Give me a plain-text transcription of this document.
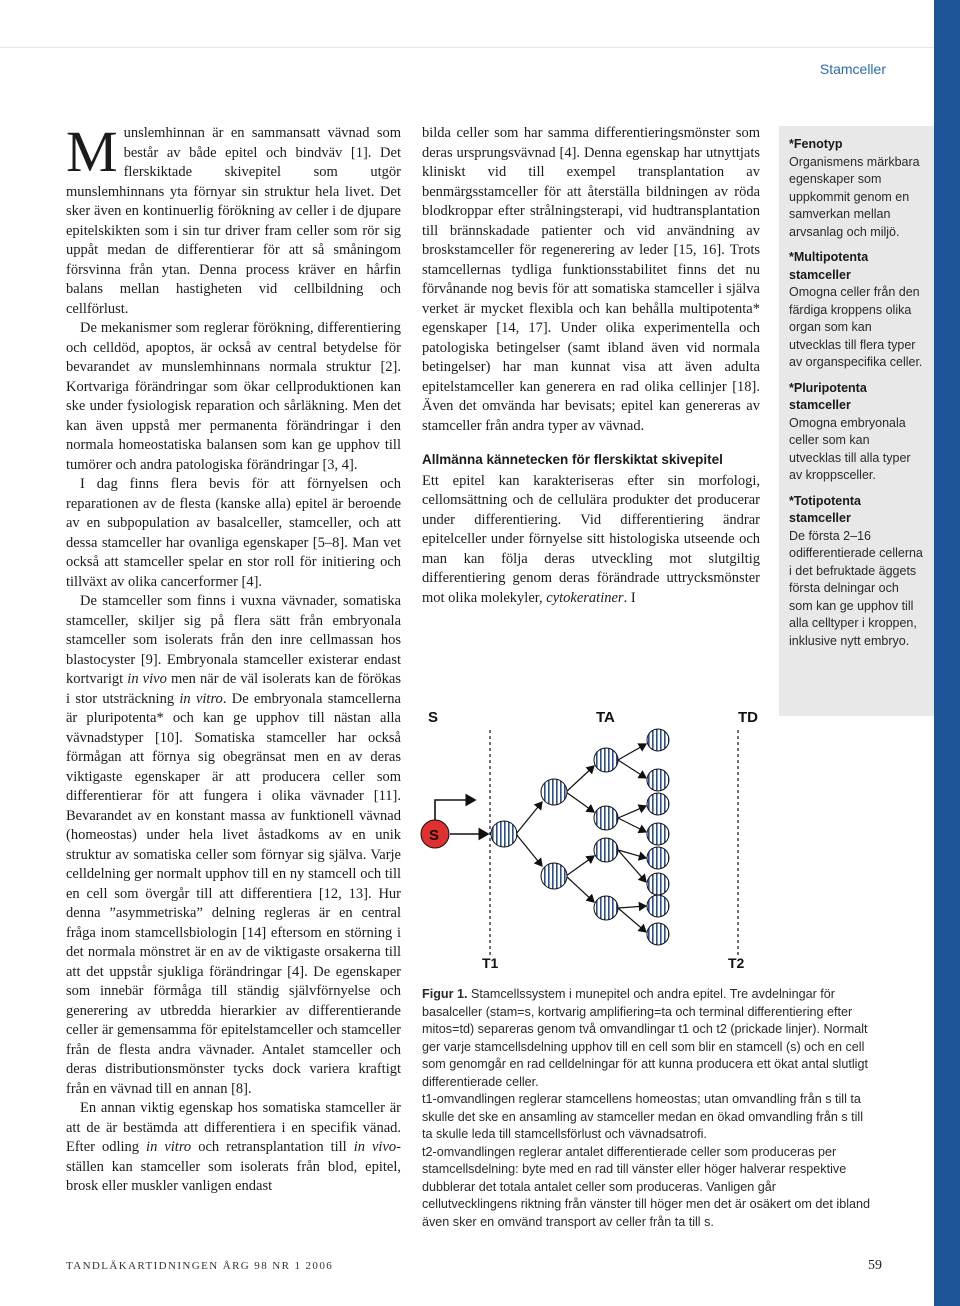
Stamceller

Munslemhinnan är en sammansatt vävnad som består av både epitel och bindväv [1]. Det flerskiktade skivepitel som utgör munslemhinnans yta förnyar sin struktur hela livet. Det sker även en kontinuerlig förökning av celler i de djupare epitelskikten som i sin tur driver fram celler som rör sig uppåt medan de differentierar för att så småningom försvinna från ytan. Denna process kräver en hårfin balans mellan hastigheten vid cellbildning och cellförlust.

De mekanismer som reglerar förökning, differentiering och celldöd, apoptos, är också av central betydelse för bevarandet av munslemhinnans normala struktur [2]. Kortvariga förändringar som ökar cellproduktionen kan ske under fysiologisk reparation och sårläkning. Men det kan även uppstå mer permanenta förändringar i den normala homeostatiska balansen som kan ge upphov till tumörer och andra patologiska förändringar [3, 4].

I dag finns flera bevis för att förnyelsen och reparationen av de flesta (kanske alla) epitel är beroende av en subpopulation av basalceller, stamceller, och att dessa stamceller har ovanliga egenskaper [5–8]. Man vet också att stamceller spelar en stor roll för initiering och tillväxt av olika cancerformer [4].

De stamceller som finns i vuxna vävnader, somatiska stamceller, skiljer sig på flera sätt från embryonala stamceller som isolerats från den inre cellmassan hos blastocyster [9]. Embryonala stamceller existerar endast kortvarigt in vivo men när de väl isolerats kan de förökas i stor utsträckning in vitro. De embryonala stamcellerna är pluripotenta* och kan ge upphov till nästan alla vävnadstyper [10]. Somatiska stamceller har också förmågan att förnya sig obegränsat men en av deras viktigaste egenskaper är att producera celler som differentierar för att fungera i olika vävnader [11]. Bevarandet av en konstant massa av funktionell vävnad (homeostas) under hela livet åstadkoms av en unik struktur av somatiska celler som förnyar sig själva. Varje celldelning ger normalt upphov till en ny stamcell och till en cell som övergår till att differentiera [12, 13]. Hur denna ”asymmetriska” delning regleras är en central fråga inom stamcellsbiologin [14] eftersom en störning i det normala mönstret är en av de viktigaste orsakerna till att det uppstår sjukliga förändringar [4]. De egenskaper som innebär förmåga till ständig självförnyelse och generering av utbredda hierarkier av differentierande celler är gemensamma för epitelstamceller och stamceller från de flesta andra vävnader. Antalet stamceller och deras distributionsmönster tycks dock variera kraftigt från en vävnad till en annan [8].

En annan viktig egenskap hos somatiska stamceller är att de är bestämda att differentiera i en specifik vänad. Efter odling in vitro och retransplantation till in vivo-ställen kan stamceller som isolerats från blod, epitel, brosk eller muskler vanligen endast

bilda celler som har samma differentieringsmönster som deras ursprungsvävnad [4]. Denna egenskap har utnyttjats kliniskt vid till exempel transplantation av benmärgsstamceller för att återställa bildningen av röda blodkroppar efter strålningsterapi, vid hudtransplantation till brännskadade patienter och vid användning av broskstamceller för regenerering av leder [15, 16]. Trots stamcellernas tydliga funktionsstabilitet finns det nu förvånande nog bevis för att somatiska stamceller i själva verket är mycket flexibla och kan behålla multipotenta* egenskaper [14, 17]. Under olika experimentella och patologiska betingelser (samt ibland även vid normala betingelser) har man kunnat visa att även adulta epitelstamceller kan generera en rad olika cellinjer [18]. Även det omvända har bevisats; epitel kan genereras av stamceller från andra typer av vävnad.

Allmänna kännetecken för flerskiktat skivepitel

Ett epitel kan karakteriseras efter sin morfologi, cellomsättning och de cellulära produkter det producerar under differentiering. Vid differentiering ändrar epitelceller under förnyelse sitt histologiska utseende och man kan följa deras utveckling mot slutgiltig differentiering genom deras förändrade uttrycksmönster mot olika molekyler, cytokeratiner. I

*Fenotyp
Organismens märkbara egenskaper som uppkommit genom en samverkan mellan arvsanlag och miljö.
*Multipotenta stamceller
Omogna celler från den färdiga kroppens olika organ som kan utvecklas till flera typer av organspecifika celler.
*Pluripotenta stamceller
Omogna embryonala celler som kan utvecklas till alla typer av kroppsceller.
*Totipotenta stamceller
De första 2–16 odifferentierade cellerna i det befruktade äggets första delningar och som kan ge upphov till alla celltyper i kroppen, inklusive nytt embryo.
S	TA	TD
T1	T2
S

Figur 1. Stamcellssystem i munepitel och andra epitel. Tre avdelningar för basalceller (stam=s, kortvarig amplifiering=ta och terminal differentiering efter mitos=td) separeras genom två omvandlingar t1 och t2 (prickade linjer). Normalt ger varje stamcellsdelning upphov till en cell som blir en stamcell (s) och en cell som genomgår en rad celldelningar för att kunna producera ett ökat antal slutligt differentierade celler.

t1-omvandlingen reglerar stamcellens homeostas; utan omvandling från s till ta skulle det ske en ansamling av stamceller medan en ökad omvandling från s till ta skulle leda till stamcellsförlust och vävnadsatrofi.

t2-omvandlingen reglerar antalet differentierade celler som produceras per stamcellsdelning: byte med en rad till vänster eller höger halverar respektive dubblerar det totala antalet celler som produceras. Vanligen går cellutvecklingens riktning från vänster till höger men det är osäkert om det ibland även sker en omvänd transport av celler från ta till s.

TANDLÄKARTIDNINGEN ÅRG 98 NR 1 2006	59
